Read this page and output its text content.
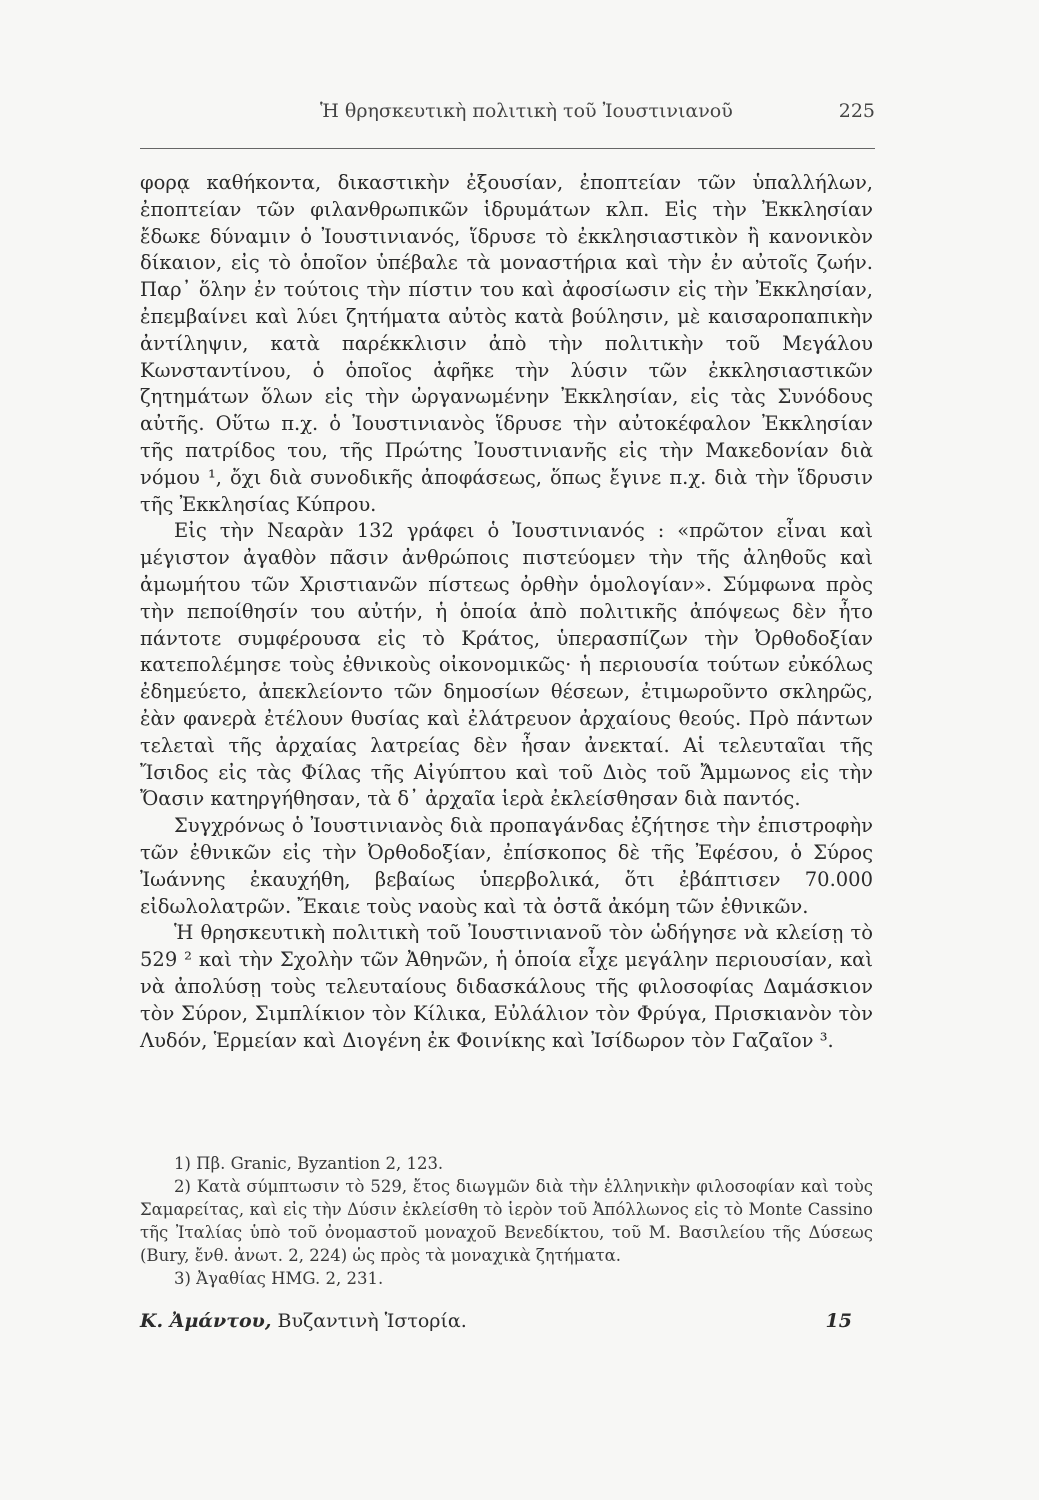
Ἡ θρησκευτικὴ πολιτικὴ τοῦ Ἰουστινιανοῦ	225

φορᾳ καθήκοντα, δικαστικὴν ἐξουσίαν, ἐποπτείαν τῶν ὑπαλλήλων, ἐποπτείαν τῶν φιλανθρωπικῶν ἱδρυμάτων κλπ. Εἰς τὴν Ἐκκλησίαν ἔδωκε δύναμιν ὁ Ἰουστινιανός, ἵδρυσε τὸ ἐκκλησιαστικὸν ἢ κανονικὸν δίκαιον, εἰς τὸ ὁποῖον ὑπέβαλε τὰ μοναστήρια καὶ τὴν ἐν αὐτοῖς ζωήν. Παρ᾽ ὅλην ἐν τούτοις τὴν πίστιν του καὶ ἀφοσίωσιν εἰς τὴν Ἐκκλησίαν, ἐπεμβαίνει καὶ λύει ζητήματα αὐτὸς κατὰ βούλησιν, μὲ καισαροπαπικὴν ἀντίληψιν, κατὰ παρέκκλισιν ἀπὸ τὴν πολιτικὴν τοῦ Μεγάλου Κωνσταντίνου, ὁ ὁποῖος ἀφῆκε τὴν λύσιν τῶν ἐκκλησιαστικῶν ζητημάτων ὅλων εἰς τὴν ὠργανωμένην Ἐκκλησίαν, εἰς τὰς Συνόδους αὐτῆς. Οὕτω π.χ. ὁ Ἰουστινιανὸς ἵδρυσε τὴν αὐτοκέφαλον Ἐκκλησίαν τῆς πατρίδος του, τῆς Πρώτης Ἰουστινιανῆς εἰς τὴν Μακεδονίαν διὰ νόμου ¹, ὄχι διὰ συνοδικῆς ἀποφάσεως, ὅπως ἔγινε π.χ. διὰ τὴν ἵδρυσιν τῆς Ἐκκλησίας Κύπρου.

Εἰς τὴν Νεαρὰν 132 γράφει ὁ Ἰουστινιανός : «πρῶτον εἶναι καὶ μέγιστον ἀγαθὸν πᾶσιν ἀνθρώποις πιστεύομεν τὴν τῆς ἀληθοῦς καὶ ἀμωμήτου τῶν Χριστιανῶν πίστεως ὀρθὴν ὁμολογίαν». Σύμφωνα πρὸς τὴν πεποίθησίν του αὐτήν, ἡ ὁποία ἀπὸ πολιτικῆς ἀπόψεως δὲν ἦτο πάντοτε συμφέρουσα εἰς τὸ Κράτος, ὑπερασπίζων τὴν Ὀρθοδοξίαν κατεπολέμησε τοὺς ἐθνικοὺς οἰκονομικῶς· ἡ περιουσία τούτων εὐκόλως ἐδημεύετο, ἀπεκλείοντο τῶν δημοσίων θέσεων, ἐτιμωροῦντο σκληρῶς, ἐὰν φανερὰ ἐτέλουν θυσίας καὶ ἐλάτρευον ἀρχαίους θεούς. Πρὸ πάντων τελεταὶ τῆς ἀρχαίας λατρείας δὲν ἦσαν ἀνεκταί. Αἱ τελευταῖαι τῆς Ἴσιδος εἰς τὰς Φίλας τῆς Αἰγύπτου καὶ τοῦ Διὸς τοῦ Ἄμμωνος εἰς τὴν Ὄασιν κατηργήθησαν, τὰ δ᾽ ἀρχαῖα ἱερὰ ἐκλείσθησαν διὰ παντός.

Συγχρόνως ὁ Ἰουστινιανὸς διὰ προπαγάνδας ἐζήτησε τὴν ἐπιστροφὴν τῶν ἐθνικῶν εἰς τὴν Ὀρθοδοξίαν, ἐπίσκοπος δὲ τῆς Ἐφέσου, ὁ Σύρος Ἰωάννης ἐκαυχήθη, βεβαίως ὑπερβολικά, ὅτι ἐβάπτισεν 70.000 εἰδωλολατρῶν. Ἔκαιε τοὺς ναοὺς καὶ τὰ ὀστᾶ ἀκόμη τῶν ἐθνικῶν.

Ἡ θρησκευτικὴ πολιτικὴ τοῦ Ἰουστινιανοῦ τὸν ὡδήγησε νὰ κλείσῃ τὸ 529 ² καὶ τὴν Σχολὴν τῶν Ἀθηνῶν, ἡ ὁποία εἶχε μεγάλην περιουσίαν, καὶ νὰ ἀπολύσῃ τοὺς τελευταίους διδασκάλους τῆς φιλοσοφίας Δαμάσκιον τὸν Σύρον, Σιμπλίκιον τὸν Κίλικα, Εὐλάλιον τὸν Φρύγα, Πρισκιανὸν τὸν Λυδόν, Ἑρμείαν καὶ Διογένη ἐκ Φοινίκης καὶ Ἰσίδωρον τὸν Γαζαῖον ³.

1) Πβ. Granic, Byzantion 2, 123.

2) Κατὰ σύμπτωσιν τὸ 529, ἔτος διωγμῶν διὰ τὴν ἑλληνικὴν φιλοσοφίαν καὶ τοὺς Σαμαρείτας, καὶ εἰς τὴν Δύσιν ἐκλείσθη τὸ ἱερὸν τοῦ Ἀπόλλωνος εἰς τὸ Monte Cassino τῆς Ἰταλίας ὑπὸ τοῦ ὀνομαστοῦ μοναχοῦ Βενεδίκτου, τοῦ Μ. Βασιλείου τῆς Δύσεως (Bury, ἔνθ. ἀνωτ. 2, 224) ὡς πρὸς τὰ μοναχικὰ ζητήματα.

3) Ἀγαθίας HMG. 2, 231.

Κ. Ἀμάντου, Βυζαντινὴ Ἱστορία.	15
